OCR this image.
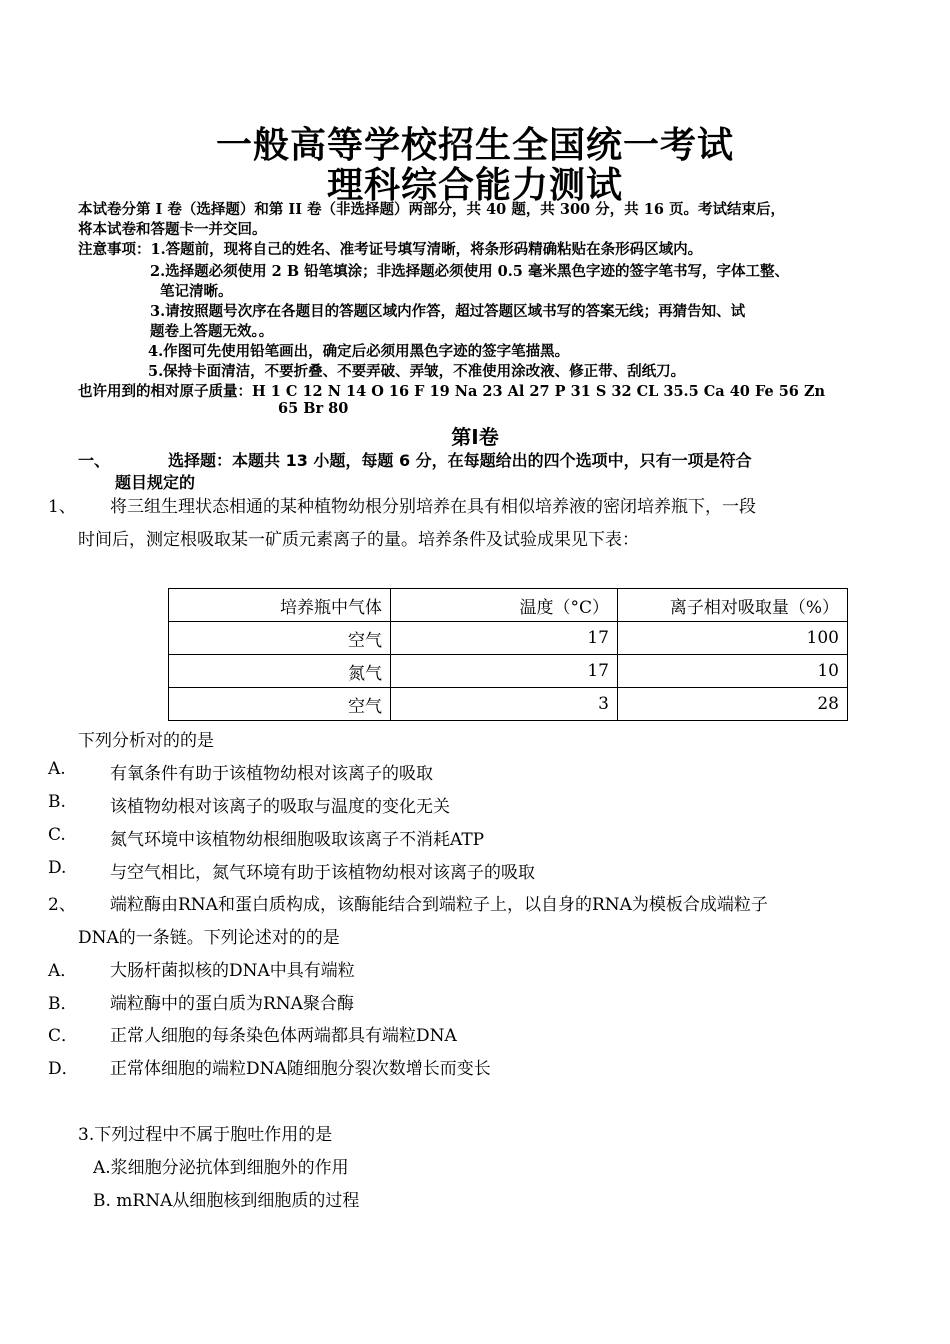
一般高等学校招生全国统一考试
理科综合能力测试
本试卷分第 I 卷（选择题）和第 II 卷（非选择题）两部分，共 40 题，共 300 分，共 16 页。考试结束后，
将本试卷和答题卡一并交回。
注意事项：1.答题前，现将自己的姓名、准考证号填写清晰，将条形码精确粘贴在条形码区域内。
2.选择题必须使用 2 B 铅笔填涂；非选择题必须使用 0.5 毫米黑色字迹的签字笔书写，字体工整、
笔记清晰。
3.请按照题号次序在各题目的答题区域内作答，超过答题区域书写的答案无线；再猜告知、试
题卷上答题无效。。
4.作图可先使用铅笔画出，确定后必须用黑色字迹的签字笔描黑。
5.保持卡面清洁，不要折叠、不要弄破、弄皱，不准使用涂改液、修正带、刮纸刀。
也许用到的相对原子质量：H 1 C 12 N 14 O 16 F 19 Na 23 Al 27 P 31 S 32 CL 35.5 Ca 40 Fe 56 Zn
65 Br 80
第Ⅰ卷
一、	选择题：本题共 13 小题，每题 6 分，在每题给出的四个选项中，只有一项是符合
题目规定的
1、 将三组生理状态相通的某种植物幼根分别培养在具有相似培养液的密闭培养瓶下，一段
时间后，测定根吸取某一矿质元素离子的量。培养条件及试验成果见下表：
培养瓶中气体	温度（°C）	离子相对吸取量（%）
空气	17	100
氮气	17	10
空气	3	28
下列分析对的的是
A.	有氧条件有助于该植物幼根对该离子的吸取
B.	该植物幼根对该离子的吸取与温度的变化无关
C.	氮气环境中该植物幼根细胞吸取该离子不消耗ATP
D.	与空气相比，氮气环境有助于该植物幼根对该离子的吸取
2、 端粒酶由RNA和蛋白质构成，该酶能结合到端粒子上，以自身的RNA为模板合成端粒子
DNA的一条链。下列论述对的的是
A． 大肠杆菌拟核的DNA中具有端粒
B． 端粒酶中的蛋白质为RNA聚合酶
C． 正常人细胞的每条染色体两端都具有端粒DNA
D． 正常体细胞的端粒DNA随细胞分裂次数增长而变长
3.下列过程中不属于胞吐作用的是
A.浆细胞分泌抗体到细胞外的作用
B. mRNA从细胞核到细胞质的过程
